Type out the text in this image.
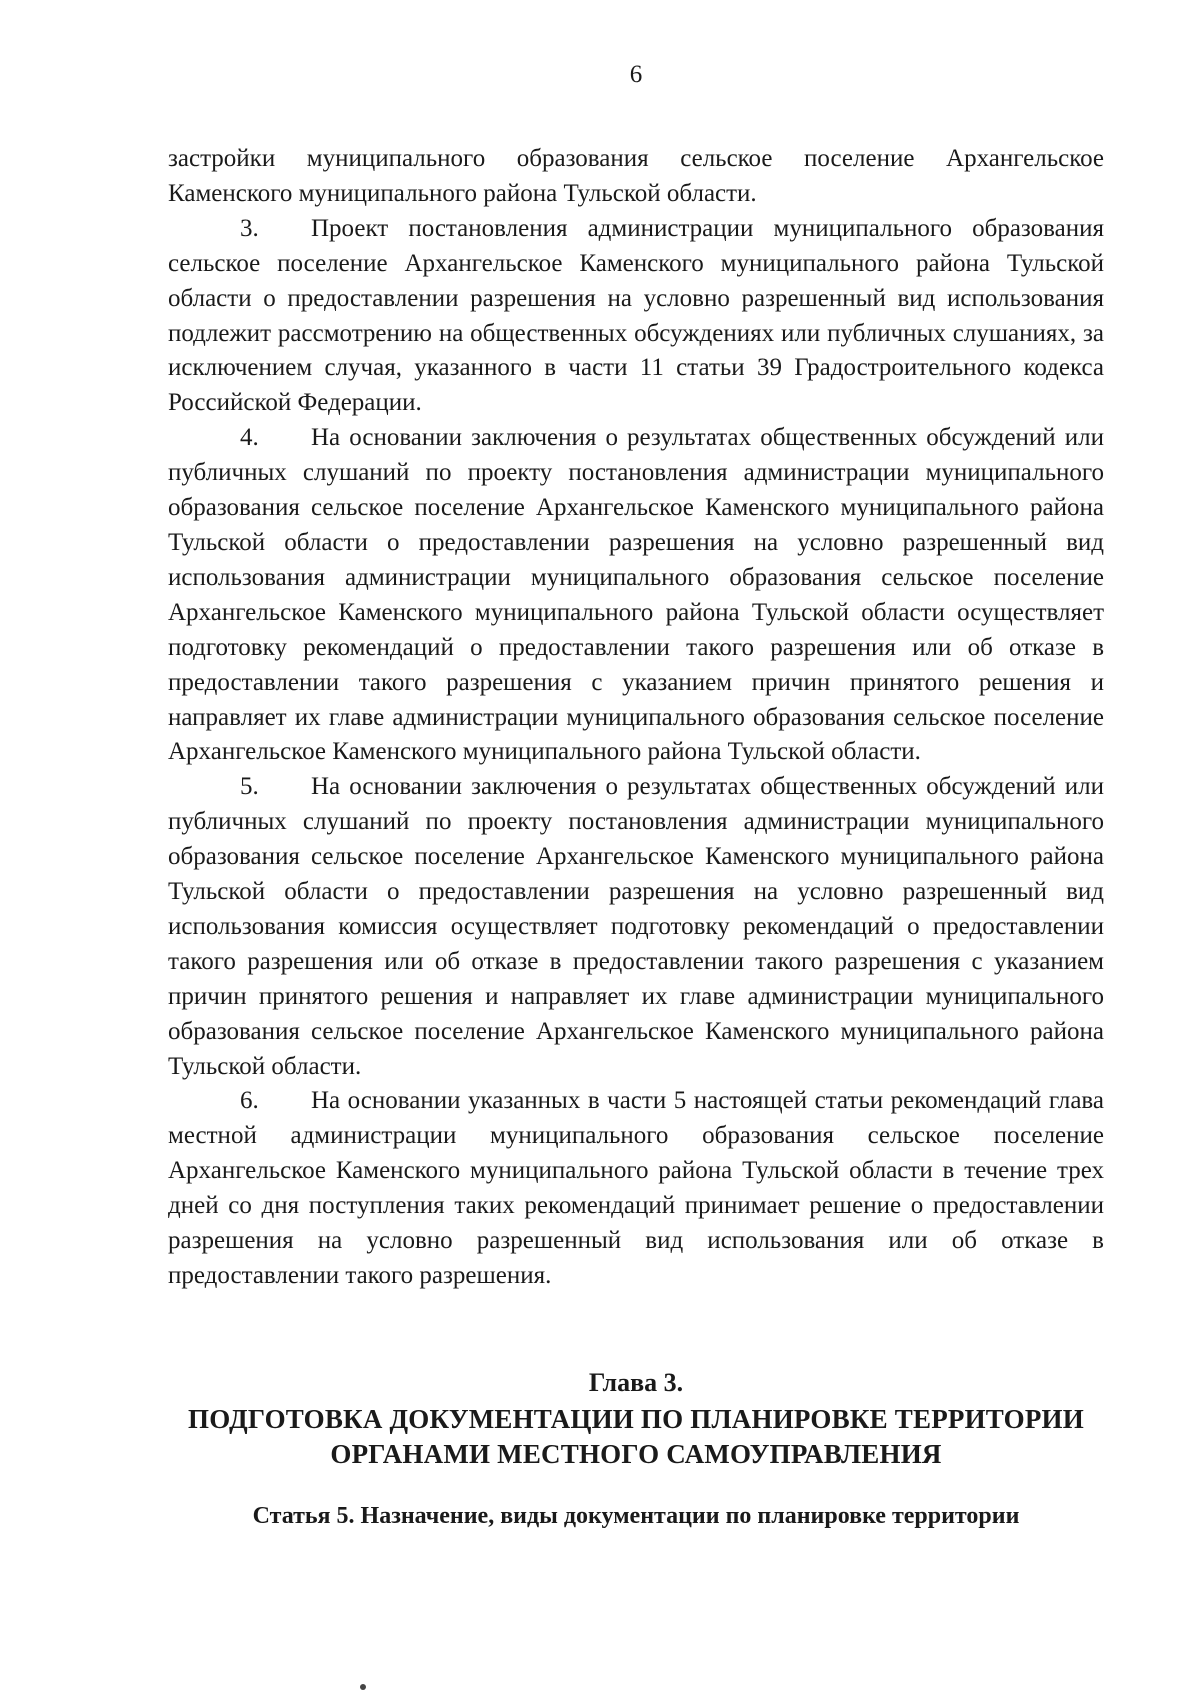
6

застройки муниципального образования сельское поселение Архангельское Каменского муниципального района Тульской области.

3. Проект постановления администрации муниципального образования сельское поселение Архангельское Каменского муниципального района Тульской области о предоставлении разрешения на условно разрешенный вид использования подлежит рассмотрению на общественных обсуждениях или публичных слушаниях, за исключением случая, указанного в части 11 статьи 39 Градостроительного кодекса Российской Федерации.

4. На основании заключения о результатах общественных обсуждений или публичных слушаний по проекту постановления администрации муниципального образования сельское поселение Архангельское Каменского муниципального района Тульской области о предоставлении разрешения на условно разрешенный вид использования администрации муниципального образования сельское поселение Архангельское Каменского муниципального района Тульской области осуществляет подготовку рекомендаций о предоставлении такого разрешения или об отказе в предоставлении такого разрешения с указанием причин принятого решения и направляет их главе администрации муниципального образования сельское поселение Архангельское Каменского муниципального района Тульской области.

5. На основании заключения о результатах общественных обсуждений или публичных слушаний по проекту постановления администрации муниципального образования сельское поселение Архангельское Каменского муниципального района Тульской области о предоставлении разрешения на условно разрешенный вид использования комиссия осуществляет подготовку рекомендаций о предоставлении такого разрешения или об отказе в предоставлении такого разрешения с указанием причин принятого решения и направляет их главе администрации муниципального образования сельское поселение Архангельское Каменского муниципального района Тульской области.

6. На основании указанных в части 5 настоящей статьи рекомендаций глава местной администрации муниципального образования сельское поселение Архангельское Каменского муниципального района Тульской области в течение трех дней со дня поступления таких рекомендаций принимает решение о предоставлении разрешения на условно разрешенный вид использования или об отказе в предоставлении такого разрешения.

Глава 3.
ПОДГОТОВКА ДОКУМЕНТАЦИИ ПО ПЛАНИРОВКЕ ТЕРРИТОРИИ
ОРГАНАМИ МЕСТНОГО САМОУПРАВЛЕНИЯ
Статья 5. Назначение, виды документации по планировке территории
